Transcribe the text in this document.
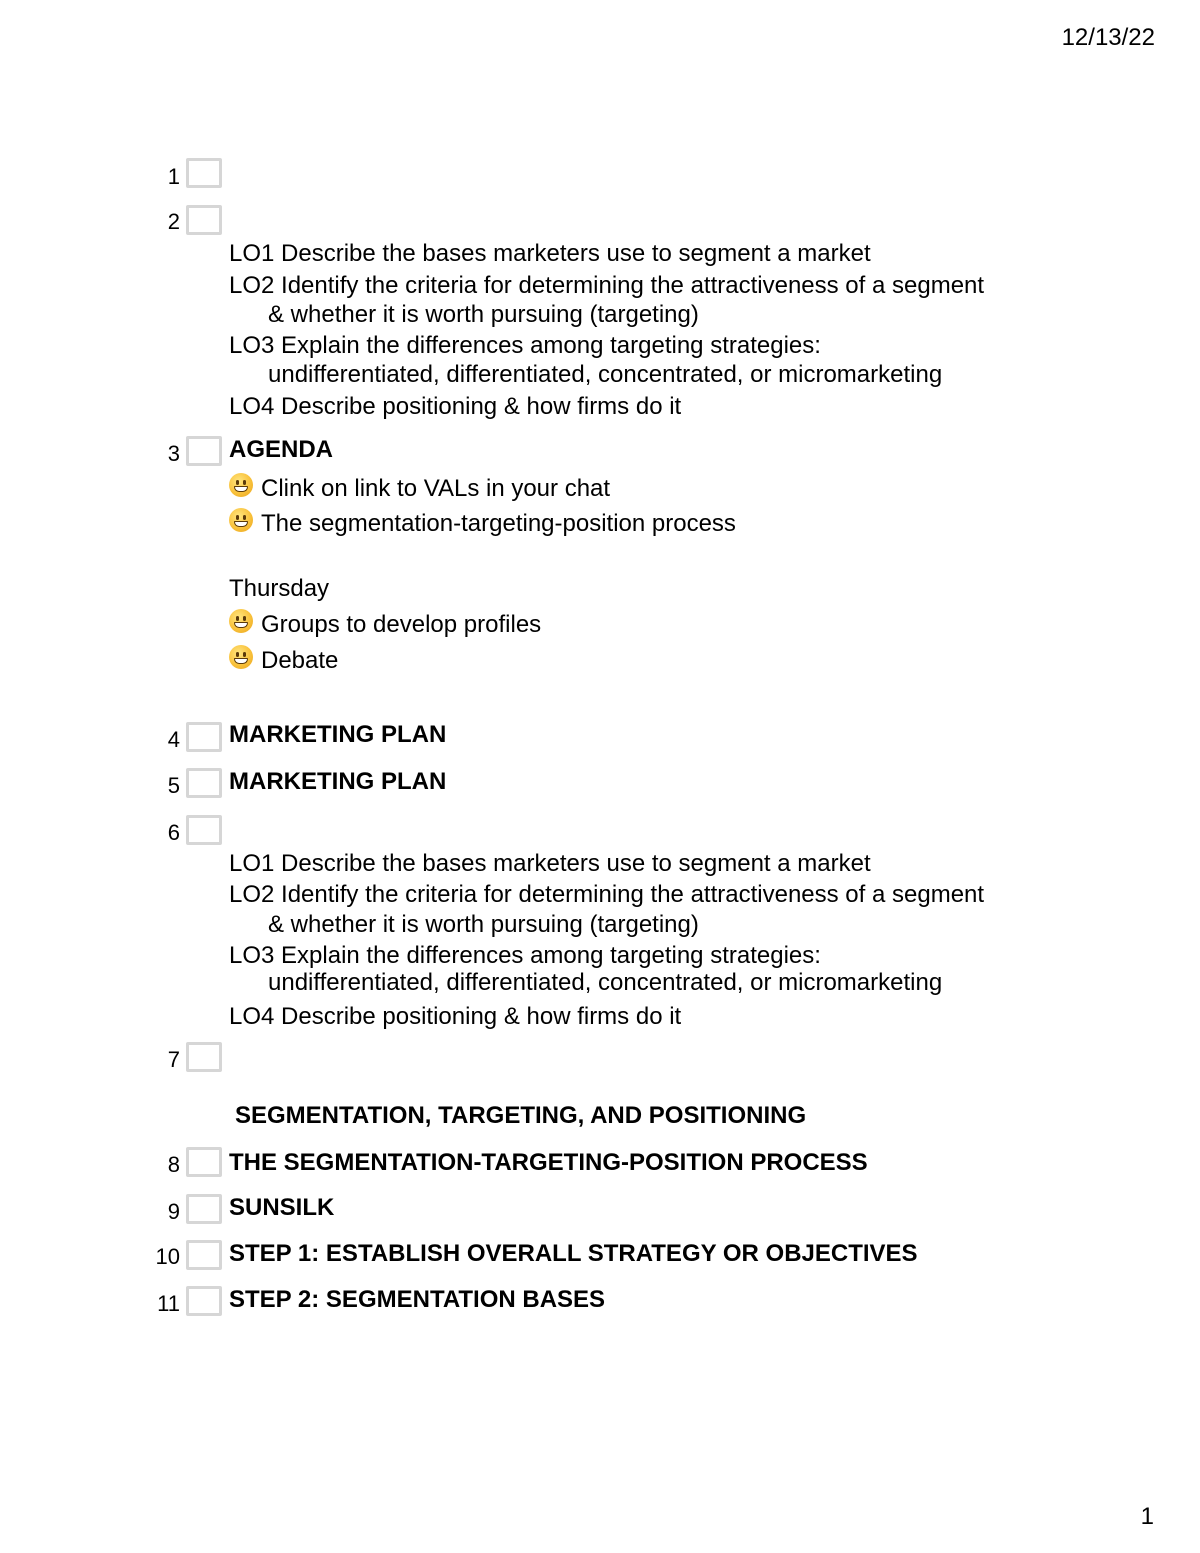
12/13/22
1
1
2
LO1 Describe the bases marketers use to segment a market
LO2 Identify the criteria for determining the attractiveness of a segment
& whether it is worth pursuing (targeting)
LO3 Explain the differences among targeting strategies:
undifferentiated, differentiated, concentrated, or micromarketing
LO4 Describe positioning & how firms do it
3 AGENDA
Clink on link to VALs in your chat
The segmentation-targeting-position process
Thursday
Groups to develop profiles
Debate
4 MARKETING PLAN
5 MARKETING PLAN
6
LO1 Describe the bases marketers use to segment a market
LO2 Identify the criteria for determining the attractiveness of a segment
& whether it is worth pursuing (targeting)
LO3 Explain the differences among targeting strategies:
undifferentiated, differentiated, concentrated, or micromarketing
LO4 Describe positioning & how firms do it
7
SEGMENTATION, TARGETING, AND POSITIONING
8 THE SEGMENTATION-TARGETING-POSITION PROCESS
9 SUNSILK
10 STEP 1: ESTABLISH OVERALL STRATEGY OR OBJECTIVES
11 STEP 2: SEGMENTATION BASES
